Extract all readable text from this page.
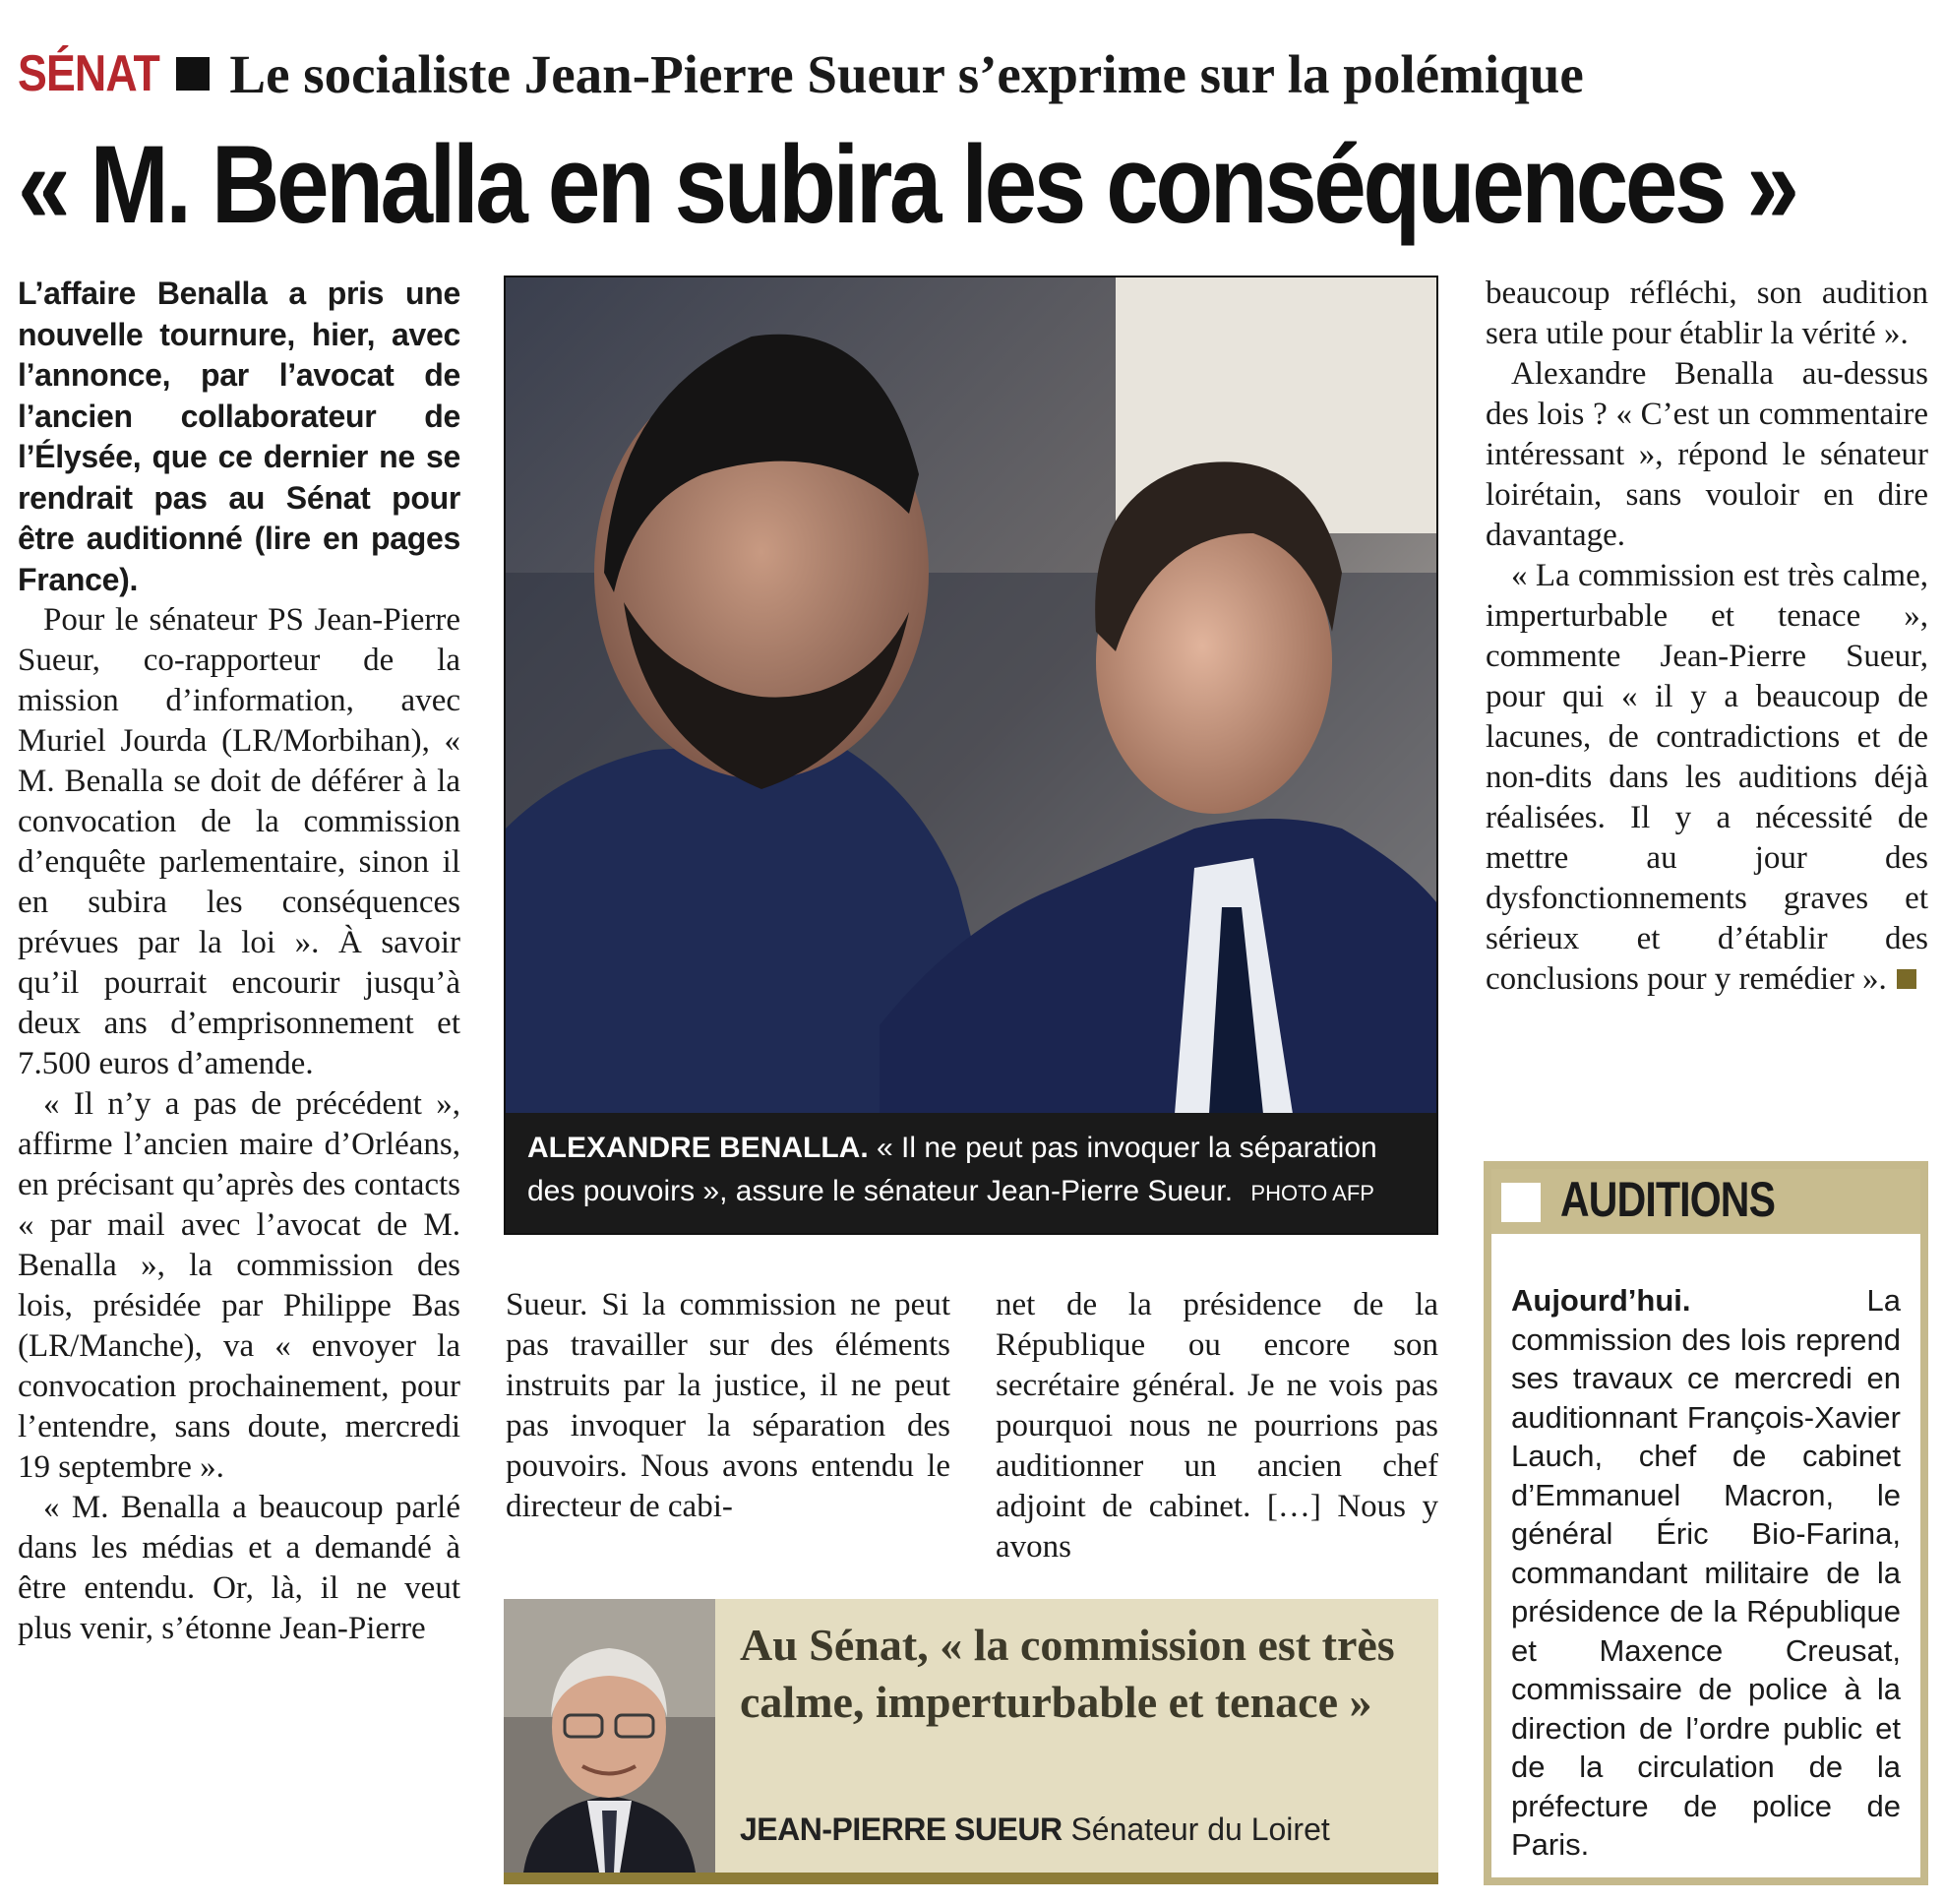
SÉNAT Le socialiste Jean-Pierre Sueur s’exprime sur la polémique
« M. Benalla en subira les conséquences »

L’affaire Benalla a pris une nouvelle tournure, hier, avec l’annonce, par l’avocat de l’ancien collaborateur de l’Élysée, que ce dernier ne se rendrait pas au Sénat pour être auditionné (lire en pages France).

Pour le sénateur PS Jean-Pierre Sueur, co-rapporteur de la mission d’information, avec Muriel Jourda (LR/Morbihan), « M. Benalla se doit de déférer à la convocation de la commission d’enquête parlementaire, sinon il en subira les conséquences prévues par la loi ». À savoir qu’il pourrait encourir jusqu’à deux ans d’emprisonnement et 7.500 euros d’amende.

« Il n’y a pas de précédent », affirme l’ancien maire d’Orléans, en précisant qu’après des contacts « par mail avec l’avocat de M. Benalla », la commission des lois, présidée par Philippe Bas (LR/Manche), va « envoyer la convocation prochainement, pour l’entendre, sans doute, mercredi 19 septembre ».

« M. Benalla a beaucoup parlé dans les médias et a demandé à être entendu. Or, là, il ne veut plus venir, s’étonne Jean-Pierre

ALEXANDRE BENALLA. « Il ne peut pas invoquer la séparation des pouvoirs », assure le sénateur Jean-Pierre Sueur. PHOTO AFP

Sueur. Si la commission ne peut pas travailler sur des éléments instruits par la justice, il ne peut pas invoquer la séparation des pouvoirs. Nous avons entendu le directeur de cabi-

net de la présidence de la République ou encore son secrétaire général. Je ne vois pas pourquoi nous ne pourrions pas auditionner un ancien chef adjoint de cabinet. […] Nous y avons

Au Sénat, « la commission est très calme, imperturbable et tenace »
JEAN-PIERRE SUEUR Sénateur du Loiret

beaucoup réfléchi, son audition sera utile pour établir la vérité ».

Alexandre Benalla au-dessus des lois ? « C’est un commentaire intéressant », répond le sénateur loirétain, sans vouloir en dire davantage.

« La commission est très calme, imperturbable et tenace », commente Jean-Pierre Sueur, pour qui « il y a beaucoup de lacunes, de contradictions et de non-dits dans les auditions déjà réalisées. Il y a nécessité de mettre au jour des dysfonctionnements graves et sérieux et d’établir des conclusions pour y remédier ».

AUDITIONS
Aujourd’hui.	La commission des lois reprend ses travaux ce mercredi en auditionnant François-Xavier Lauch, chef de cabinet d’Emmanuel Macron, le général Éric Bio-Farina, commandant militaire de la présidence de la République et Maxence Creusat, commissaire de police à la direction de l’ordre public et de la circulation de la préfecture de police de Paris.
